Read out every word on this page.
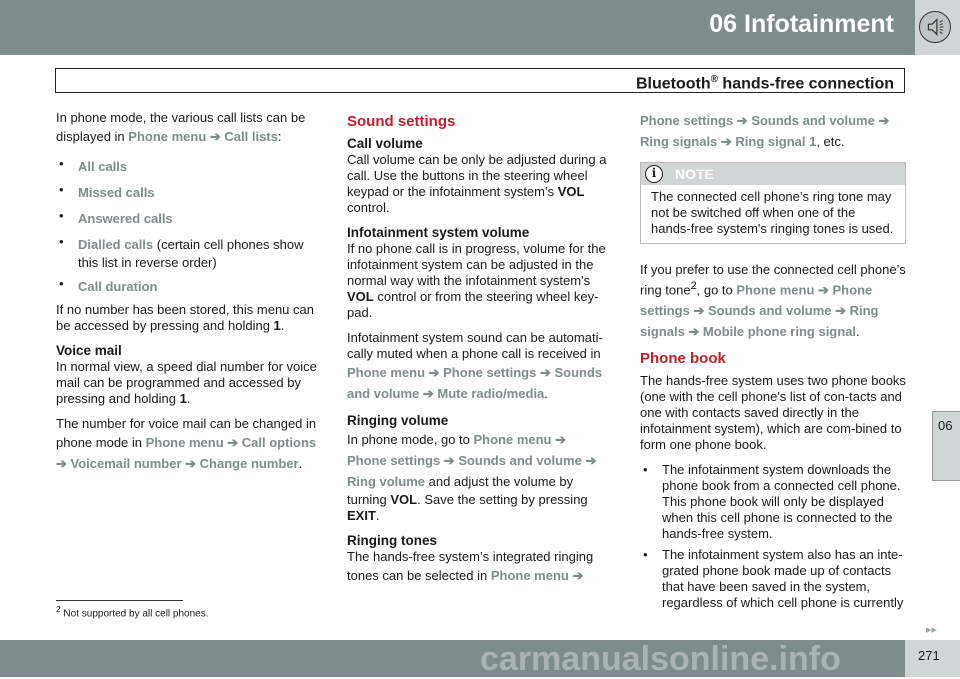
06 Infotainment
Bluetooth® hands-free connection
In phone mode, the various call lists can be displayed in Phone menu ➔ Call lists:
• All calls
• Missed calls
• Answered calls
• Dialled calls (certain cell phones show this list in reverse order)
• Call duration
If no number has been stored, this menu can be accessed by pressing and holding 1.
Voice mail
In normal view, a speed dial number for voice mail can be programmed and accessed by pressing and holding 1.
The number for voice mail can be changed in phone mode in Phone menu ➔ Call options ➔ Voicemail number ➔ Change number.
Sound settings
Call volume
Call volume can be only be adjusted during a call. Use the buttons in the steering wheel keypad or the infotainment system’s VOL control.
Infotainment system volume
If no phone call is in progress, volume for the infotainment system can be adjusted in the normal way with the infotainment system's VOL control or from the steering wheel key-pad.
Infotainment system sound can be automati-cally muted when a phone call is received in Phone menu ➔ Phone settings ➔ Sounds and volume ➔ Mute radio/media.
Ringing volume
In phone mode, go to Phone menu ➔ Phone settings ➔ Sounds and volume ➔ Ring volume and adjust the volume by turning VOL. Save the setting by pressing EXIT.
Ringing tones
The hands-free system’s integrated ringing tones can be selected in Phone menu ➔
Phone settings ➔ Sounds and volume ➔ Ring signals ➔ Ring signal 1, etc.
i	NOTE
The connected cell phone’s ring tone may not be switched off when one of the hands-free system's ringing tones is used.
If you prefer to use the connected cell phone’s ring tone$^2$, go to Phone menu ➔ Phone settings ➔ Sounds and volume ➔ Ring signals ➔ Mobile phone ring signal.
Phone book
The hands-free system uses two phone books (one with the cell phone's list of con-tacts and one with contacts saved directly in the infotainment system), which are com-bined to form one phone book.
• The infotainment system downloads the phone book from a connected cell phone. This phone book will only be displayed when this cell phone is connected to the hands-free system.
• The infotainment system also has an inte-grated phone book made up of contacts that have been saved in the system, regardless of which cell phone is currently
06
$^2$ Not supported by all cell phones.
▸▸
carmanualsonline.info	271
